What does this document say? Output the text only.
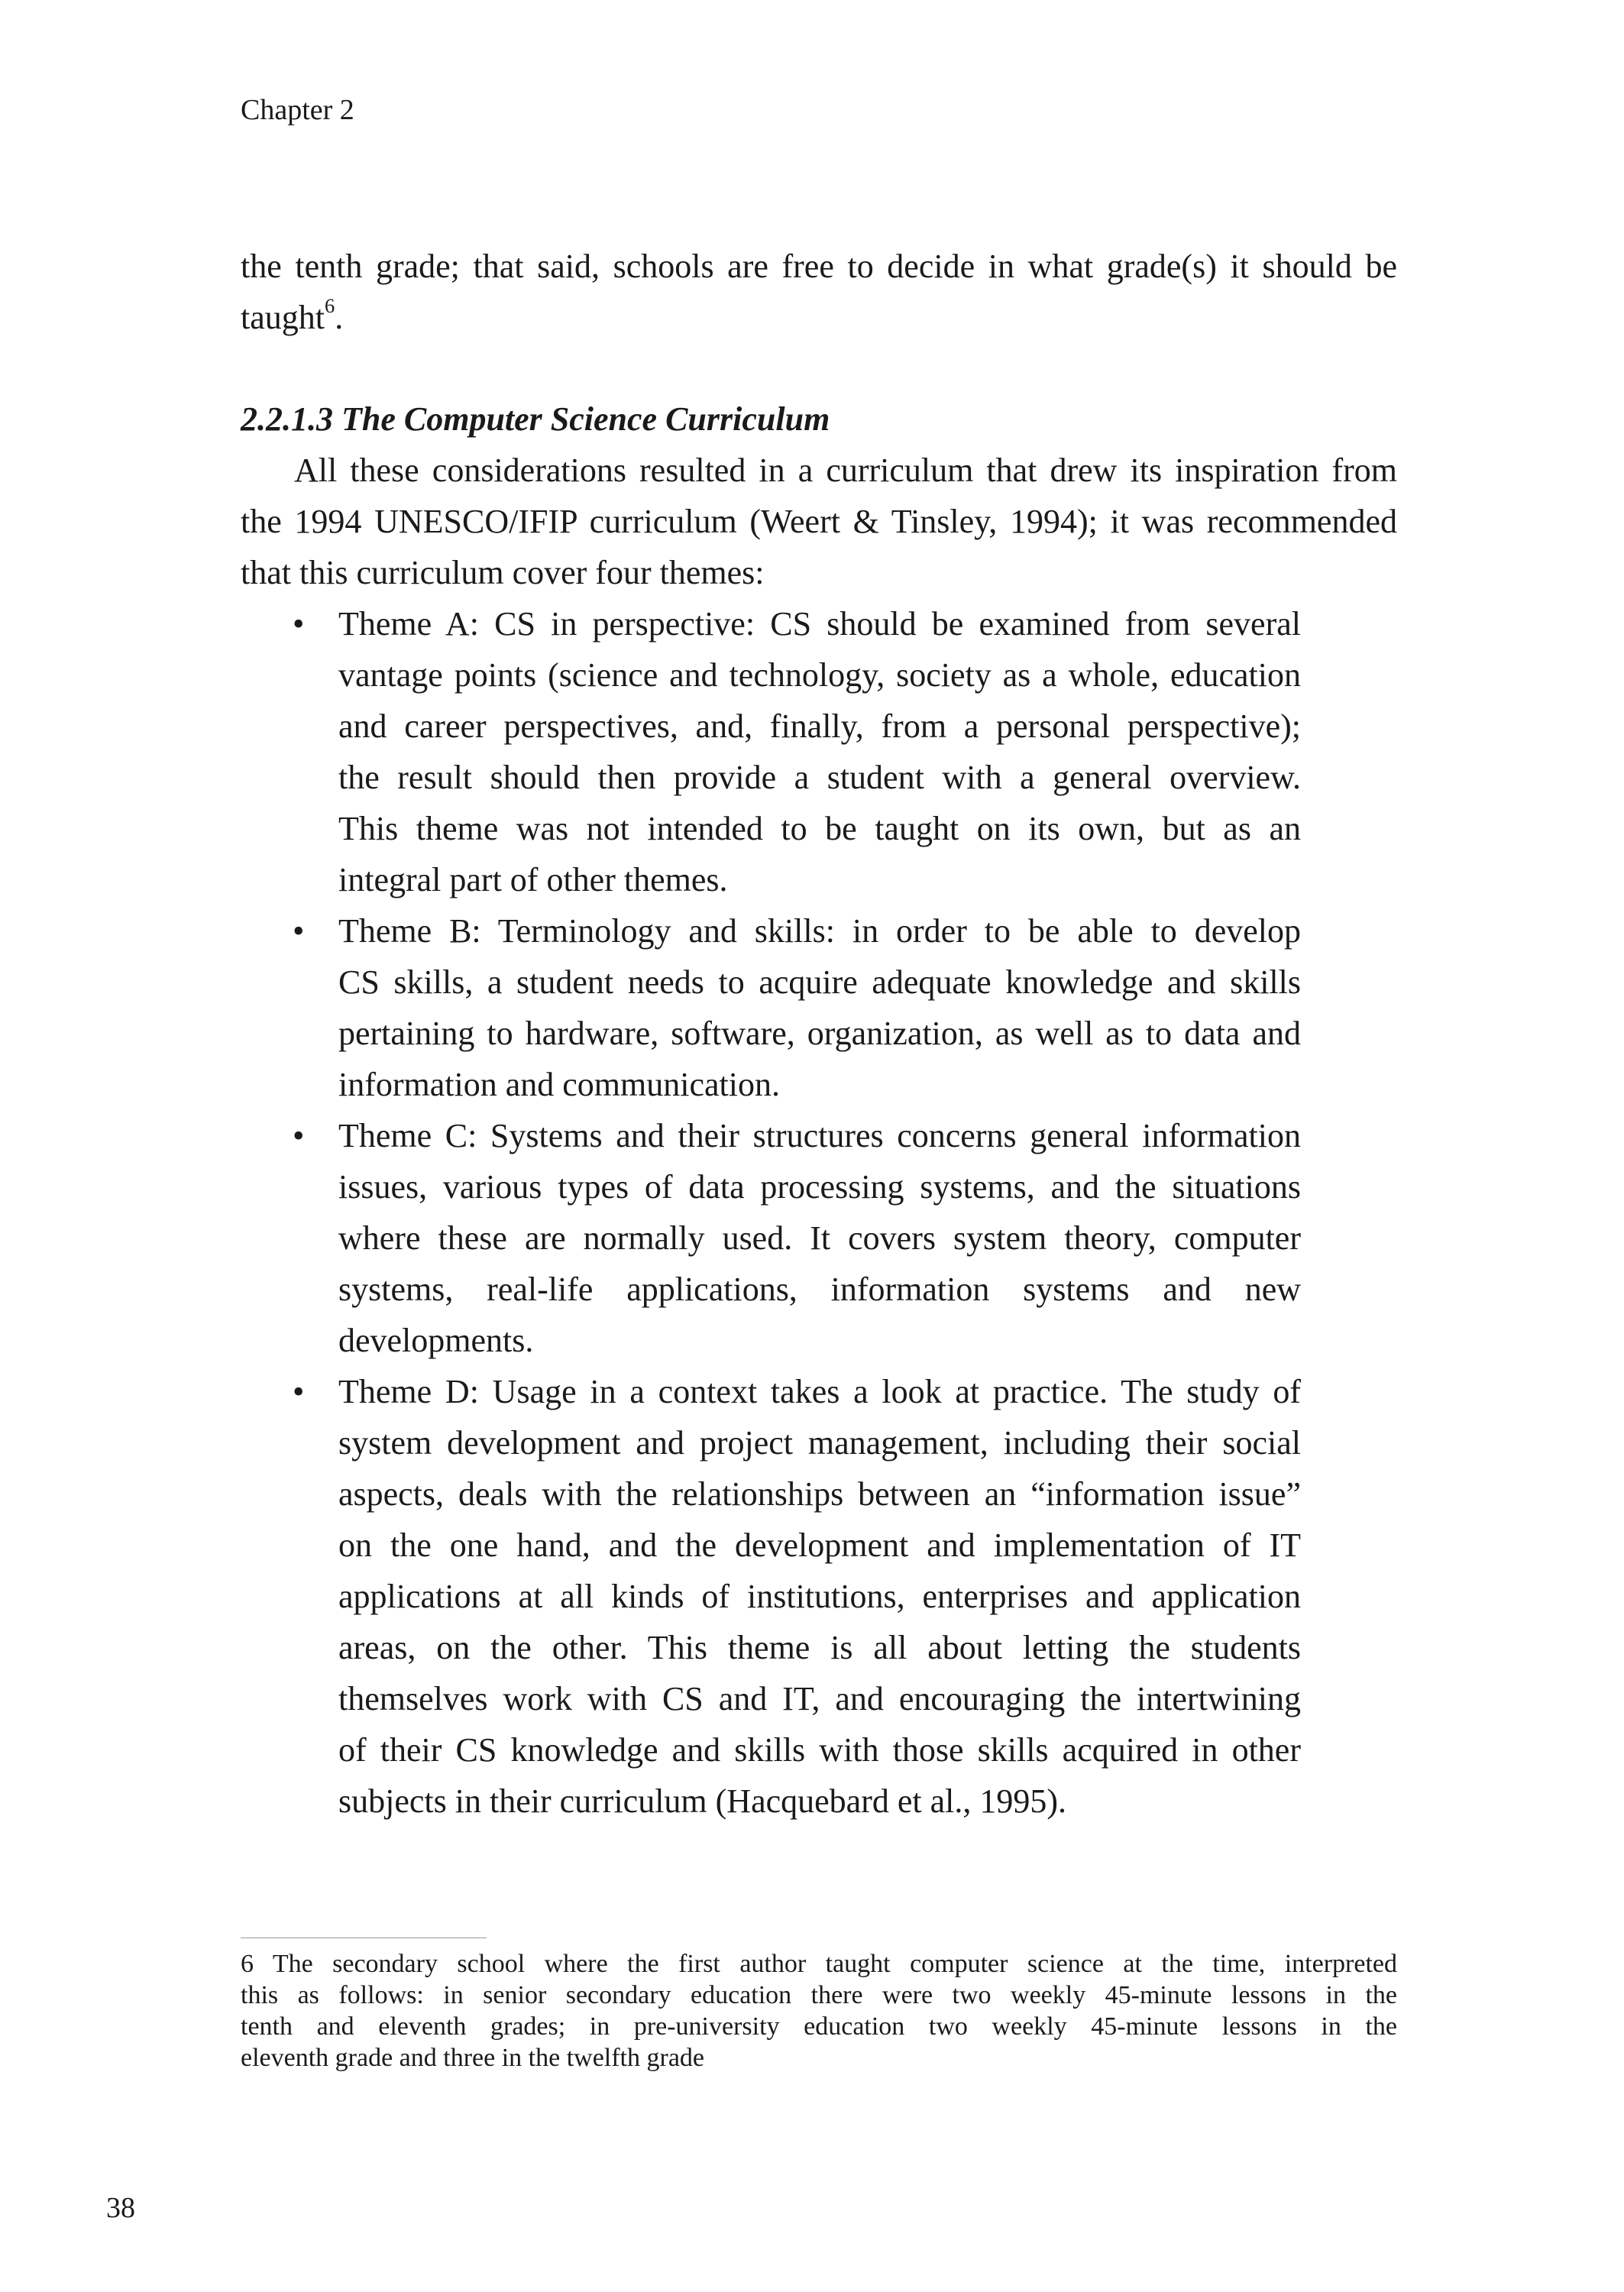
Chapter 2
the tenth grade; that said, schools are free to decide in what grade(s) it should be
taught$^6$.
2.2.1.3 The Computer Science Curriculum
All these considerations resulted in a curriculum that drew its inspiration from
the 1994 UNESCO/IFIP curriculum (Weert & Tinsley, 1994); it was recommended
that this curriculum cover four themes:
• Theme A: CS in perspective: CS should be examined from several
vantage points (science and technology, society as a whole, education
and career perspectives, and, finally, from a personal perspective);
the result should then provide a student with a general overview.
This theme was not intended to be taught on its own, but as an
integral part of other themes.
• Theme B: Terminology and skills: in order to be able to develop
CS skills, a student needs to acquire adequate knowledge and skills
pertaining to hardware, software, organization, as well as to data and
information and communication.
• Theme C: Systems and their structures concerns general information
issues, various types of data processing systems, and the situations
where these are normally used. It covers system theory, computer
systems, real-life applications, information systems and new
developments.
• Theme D: Usage in a context takes a look at practice. The study of
system development and project management, including their social
aspects, deals with the relationships between an “information issue”
on the one hand, and the development and implementation of IT
applications at all kinds of institutions, enterprises and application
areas, on the other. This theme is all about letting the students
themselves work with CS and IT, and encouraging the intertwining
of their CS knowledge and skills with those skills acquired in other
subjects in their curriculum (Hacquebard et al., 1995).
6 The secondary school where the first author taught computer science at the time, interpreted
this as follows: in senior secondary education there were two weekly 45-minute lessons in the
tenth and eleventh grades; in pre-university education two weekly 45-minute lessons in the
eleventh grade and three in the twelfth grade
38
